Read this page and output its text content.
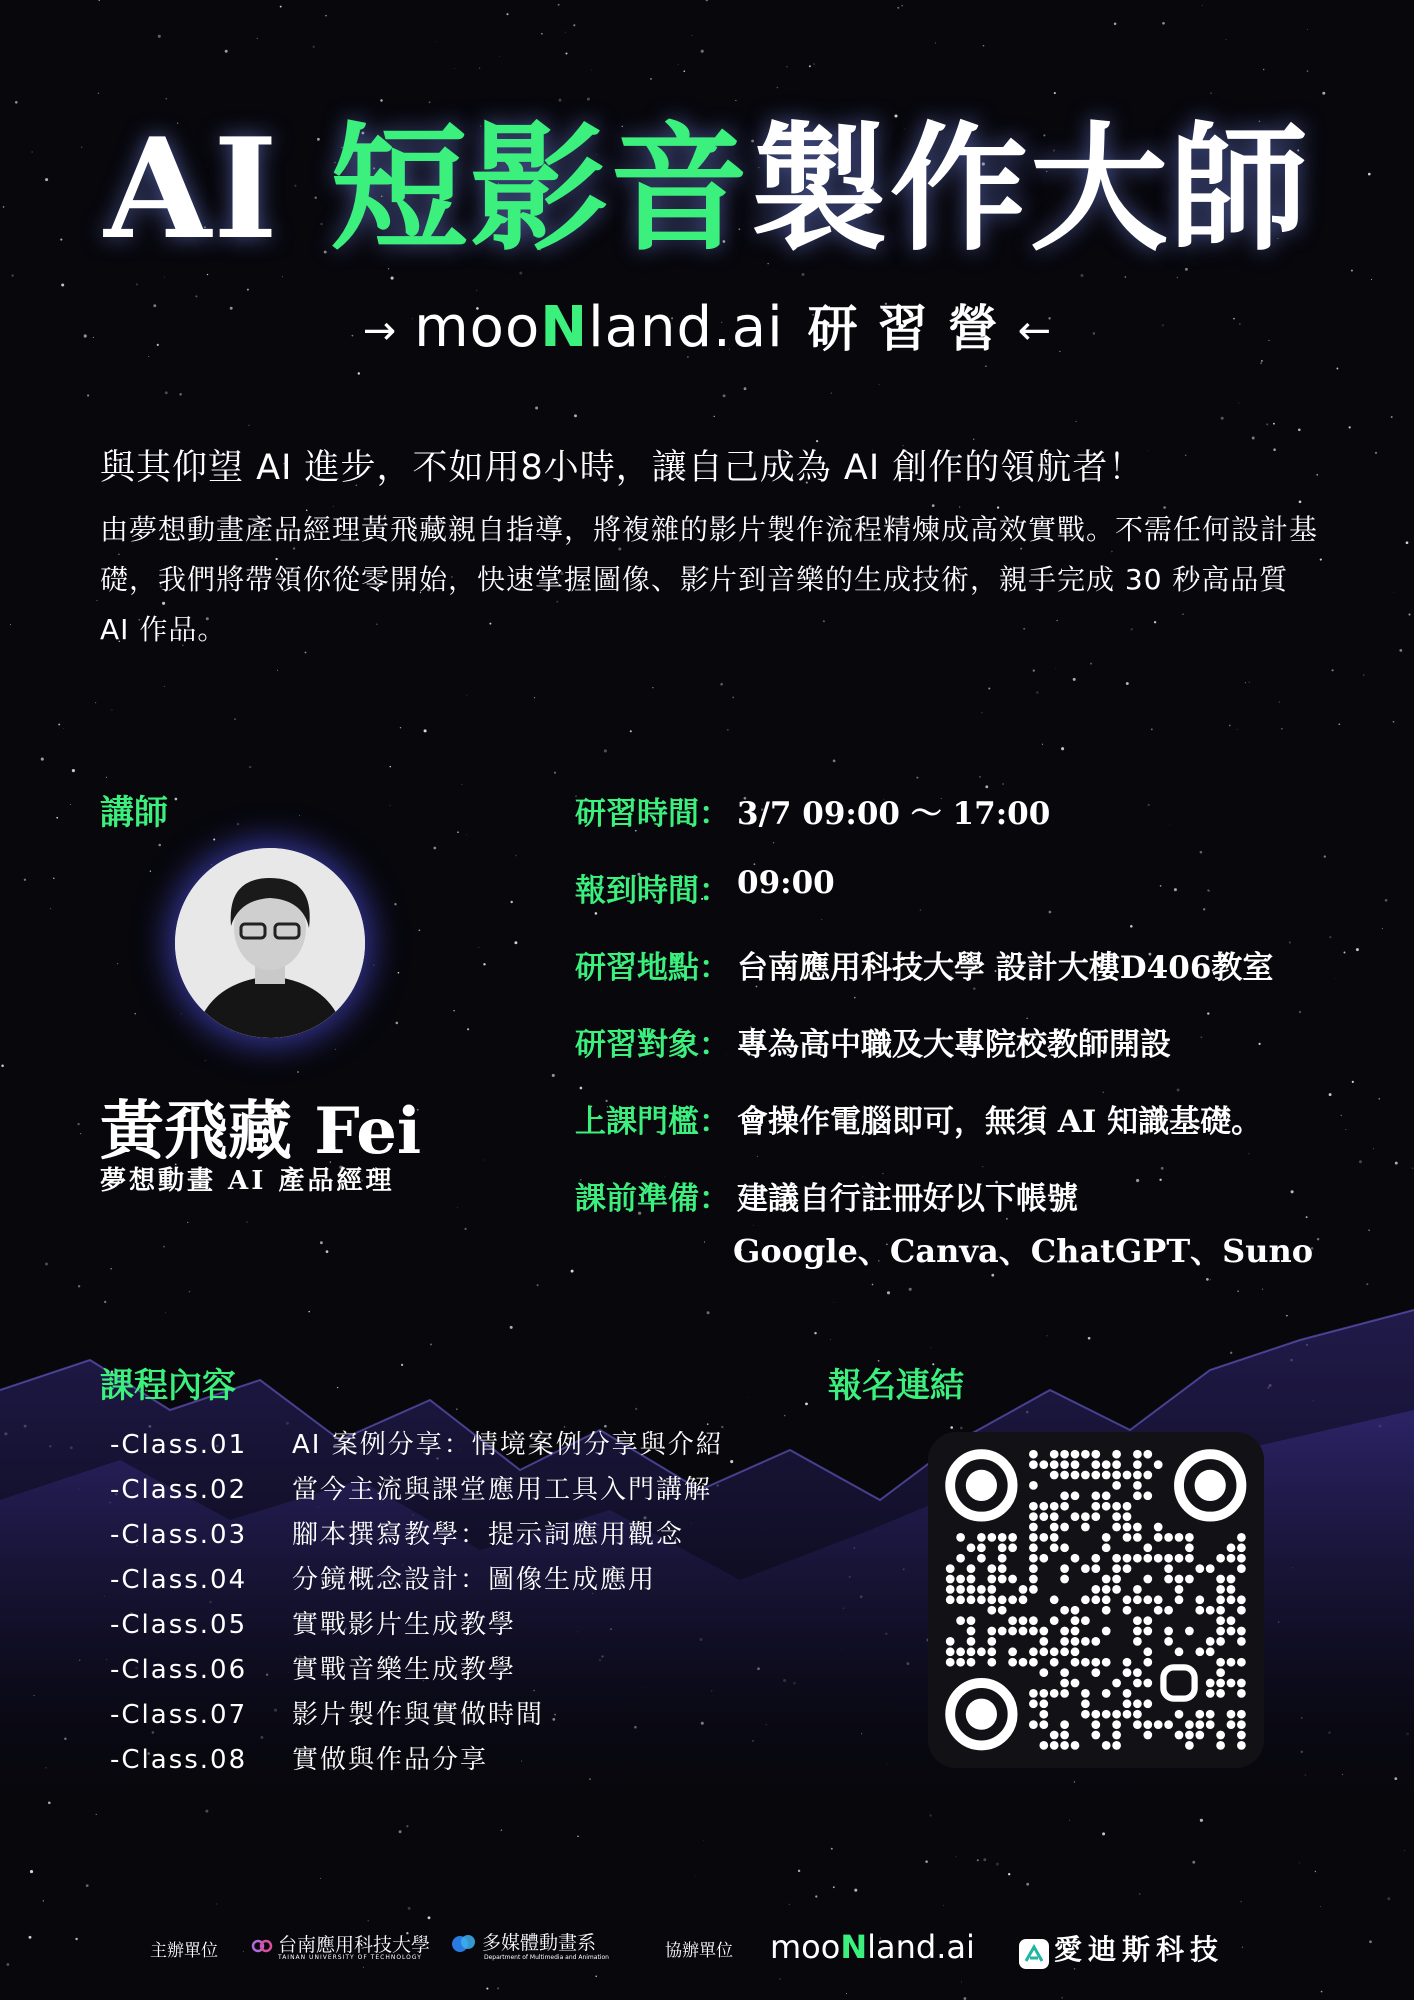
AI 短影音製作大師
→ mooNland.ai 研習營←
與其仰望 AI 進步，不如用8小時，讓自己成為 AI 創作的領航者！
由夢想動畫產品經理黃飛藏親自指導，將複雜的影片製作流程精煉成高效實戰。不需任何設計基礎，我們將帶領你從零開始，快速掌握圖像、影片到音樂的生成技術，親手完成 30 秒高品質 AI 作品。
講師
黃飛藏 Fei
夢想動畫 AI 產品經理
研習時間： 3/7 09:00 〜 17:00
報到時間： 09:00
研習地點： 台南應用科技大學 設計大樓D406教室
研習對象： 專為高中職及大專院校教師開設
上課門檻： 會操作電腦即可，無須 AI 知識基礎。
課前準備： 建議自行註冊好以下帳號
Google、Canva、ChatGPT、Suno
課程內容
-Class.01 AI 案例分享：情境案例分享與介紹
-Class.02 當今主流與課堂應用工具入門講解
-Class.03 腳本撰寫教學：提示詞應用觀念
-Class.04 分鏡概念設計：圖像生成應用
-Class.05 實戰影片生成教學
-Class.06 實戰音樂生成教學
-Class.07 影片製作與實做時間
-Class.08 實做與作品分享
報名連結
主辦單位	台南應用科技大學
TAINAN UNIVERSITY OF TECHNOLOGY
多媒體動畫系
Department of Multimedia and Animation	協辦單位 mooNland.ai	愛迪斯科技
